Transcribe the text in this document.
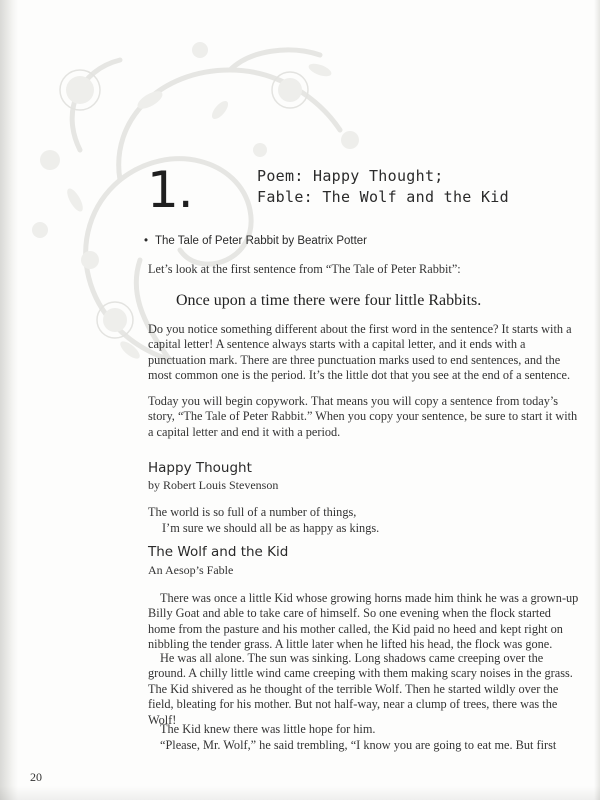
1.	Poem: Happy Thought;
Fable: The Wolf and the Kid
• The Tale of Peter Rabbit by Beatrix Potter
Let’s look at the first sentence from “The Tale of Peter Rabbit”:
Once upon a time there were four little Rabbits.
Do you notice something different about the first word in the sentence? It starts with a capital letter! A sentence always starts with a capital letter, and it ends with a punctuation mark. There are three punctuation marks used to end sentences, and the most common one is the period. It’s the little dot that you see at the end of a sentence.
Today you will begin copywork. That means you will copy a sentence from today’s story, “The Tale of Peter Rabbit.” When you copy your sentence, be sure to start it with a capital letter and end it with a period.
Happy Thought
by Robert Louis Stevenson
The world is so full of a number of things,
I’m sure we should all be as happy as kings.
The Wolf and the Kid
An Aesop’s Fable

There was once a little Kid whose growing horns made him think he was a grown-up Billy Goat and able to take care of himself. So one evening when the flock started home from the pasture and his mother called, the Kid paid no heed and kept right on nibbling the tender grass. A little later when he lifted his head, the flock was gone.

He was all alone. The sun was sinking. Long shadows came creeping over the ground. A chilly little wind came creeping with them making scary noises in the grass. The Kid shivered as he thought of the terrible Wolf. Then he started wildly over the field, bleating for his mother. But not half-way, near a clump of trees, there was the Wolf!

The Kid knew there was little hope for him.

“Please, Mr. Wolf,” he said trembling, “I know you are going to eat me. But first

20
